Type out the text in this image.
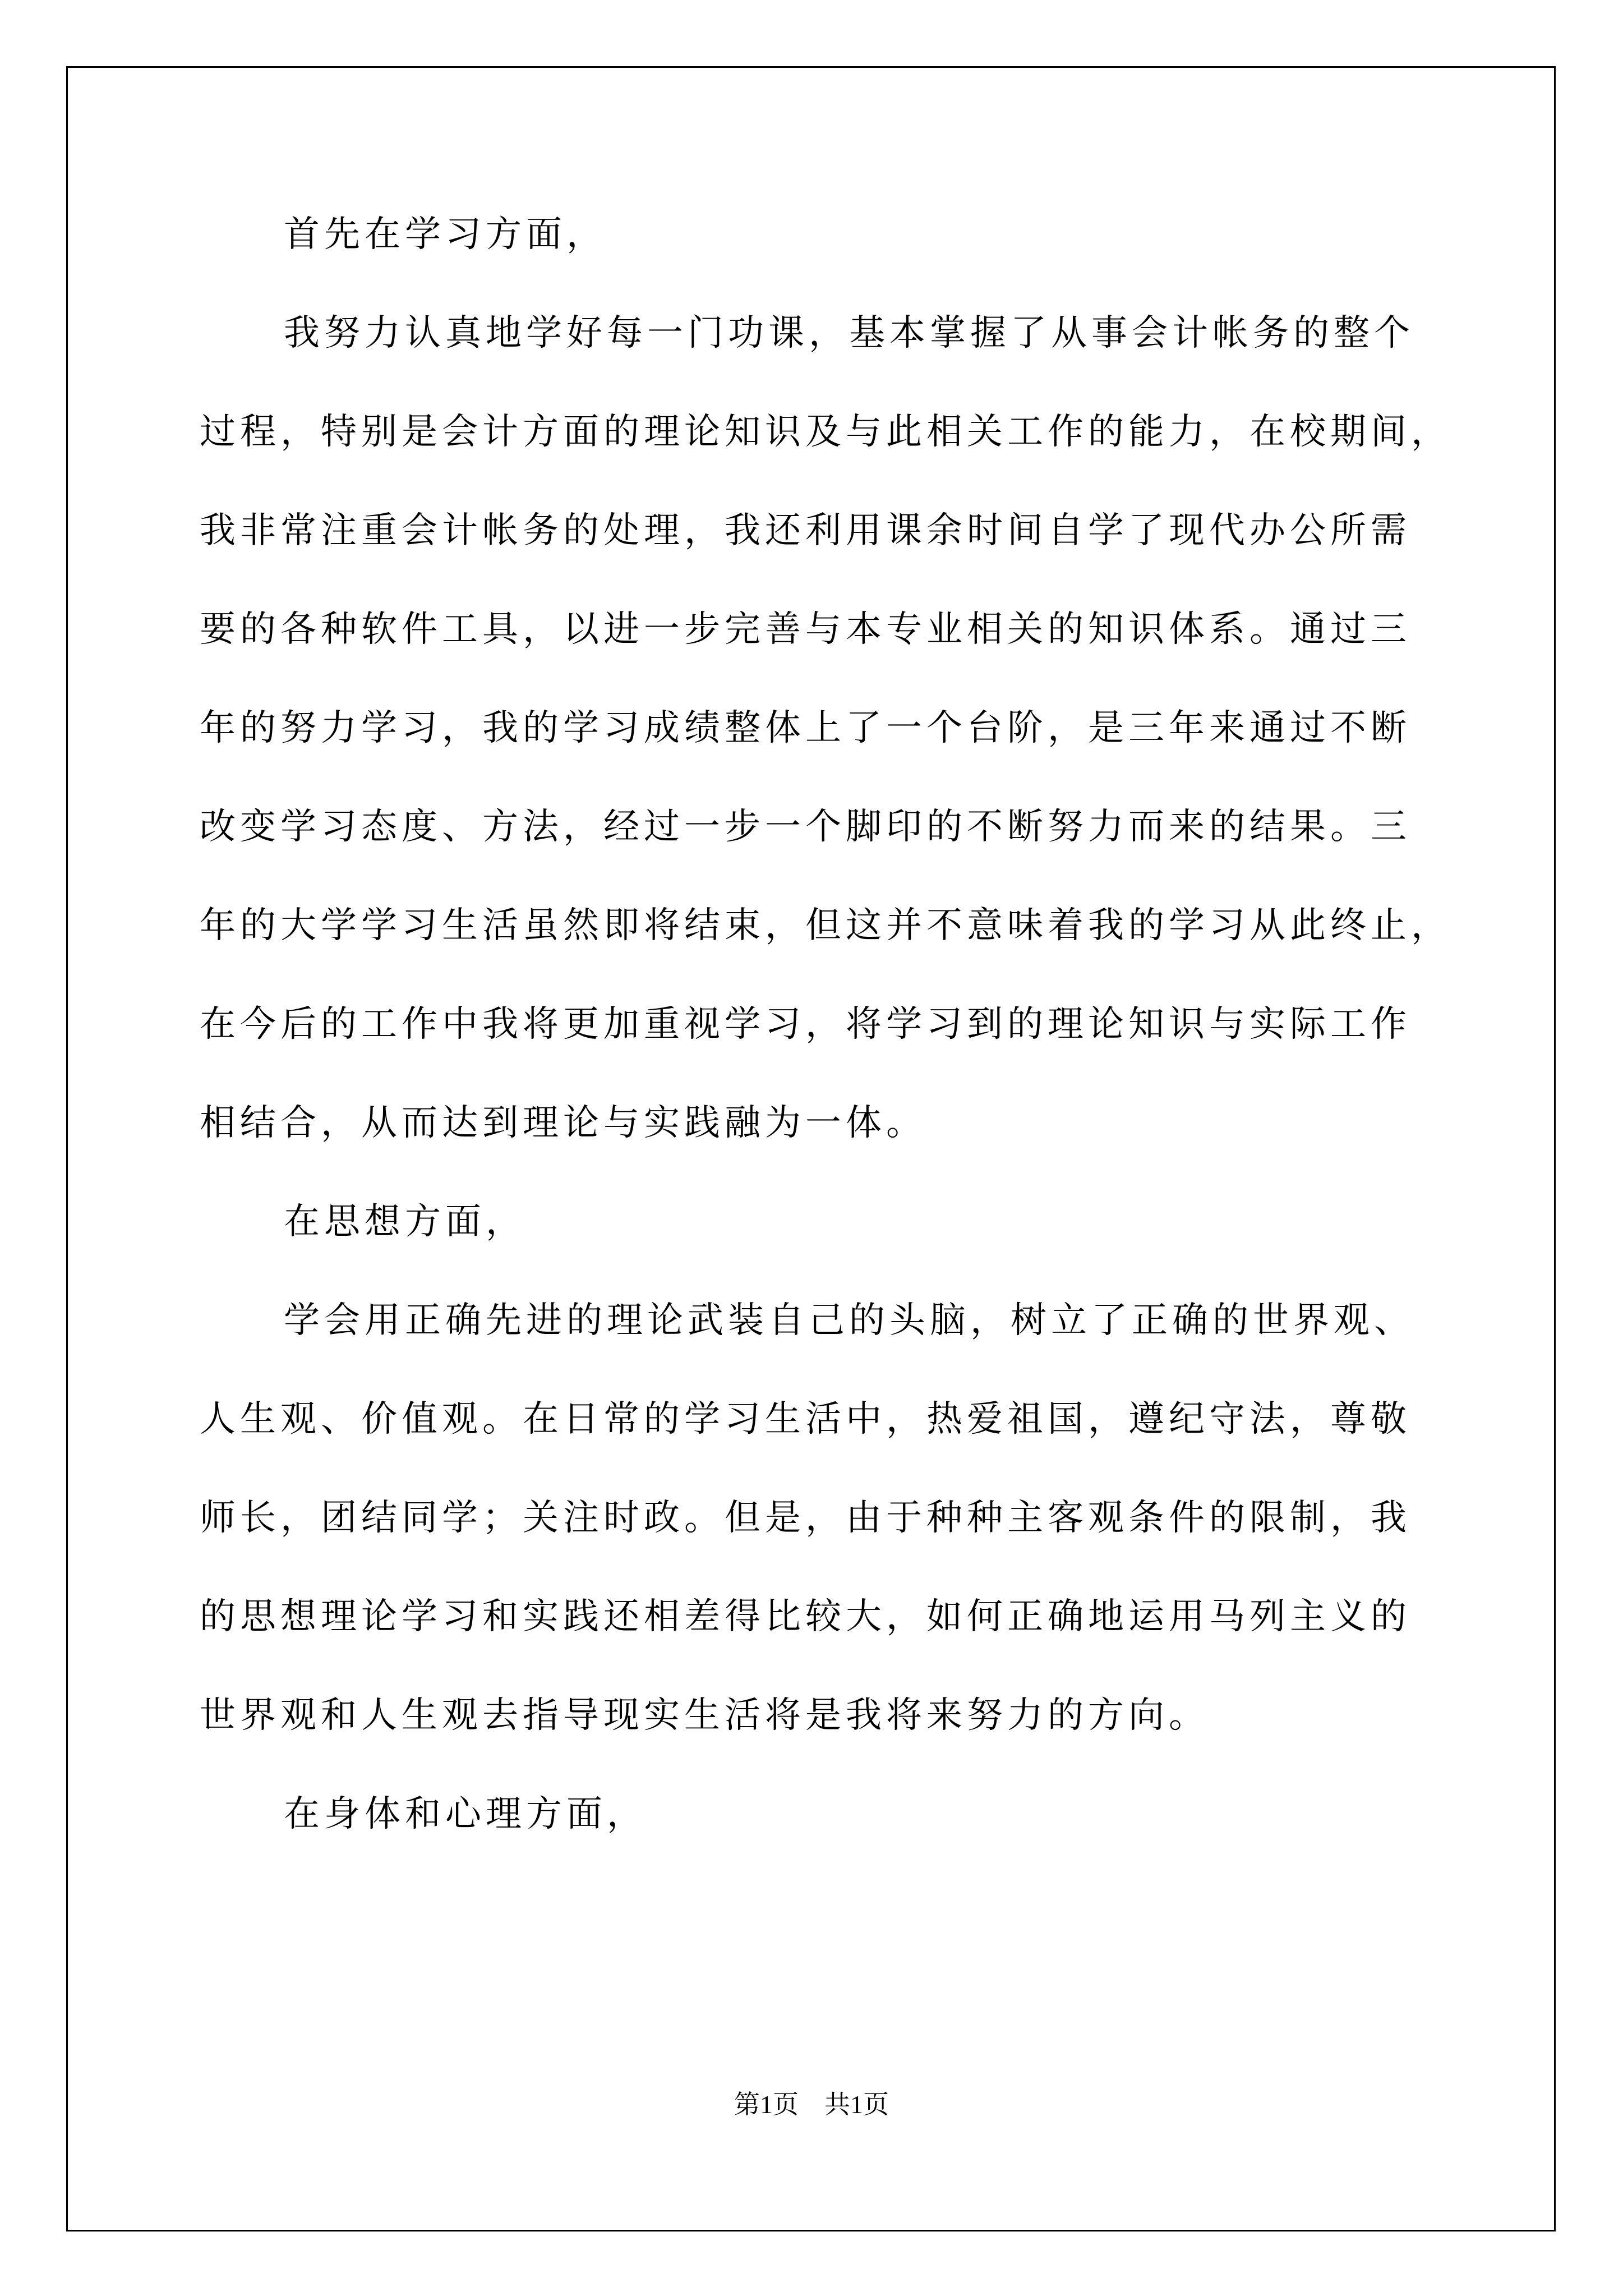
首先在学习方面，
我努力认真地学好每一门功课，基本掌握了从事会计帐务的整个
过程，特别是会计方面的理论知识及与此相关工作的能力，在校期间，
我非常注重会计帐务的处理，我还利用课余时间自学了现代办公所需
要的各种软件工具，以进一步完善与本专业相关的知识体系。通过三
年的努力学习，我的学习成绩整体上了一个台阶，是三年来通过不断
改变学习态度、方法，经过一步一个脚印的不断努力而来的结果。三
年的大学学习生活虽然即将结束，但这并不意味着我的学习从此终止，
在今后的工作中我将更加重视学习，将学习到的理论知识与实际工作
相结合，从而达到理论与实践融为一体。
在思想方面，
学会用正确先进的理论武装自己的头脑，树立了正确的世界观、
人生观、价值观。在日常的学习生活中，热爱祖国，遵纪守法，尊敬
师长，团结同学；关注时政。但是，由于种种主客观条件的限制，我
的思想理论学习和实践还相差得比较大，如何正确地运用马列主义的
世界观和人生观去指导现实生活将是我将来努力的方向。
在身体和心理方面，
第1页　共1页
